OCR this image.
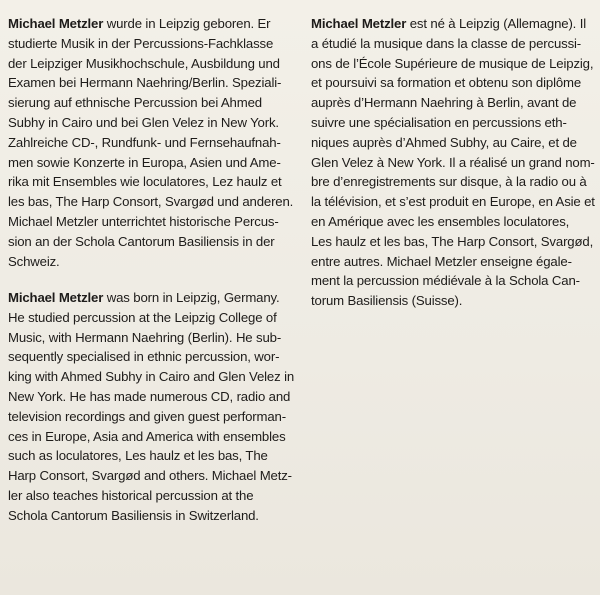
Michael Metzler wurde in Leipzig geboren. Er
studierte Musik in der Percussions-Fachklasse
der Leipziger Musikhochschule, Ausbildung und
Examen bei Hermann Naehring/Berlin. Speziali-
sierung auf ethnische Percussion bei Ahmed
Subhy in Cairo und bei Glen Velez in New York.
Zahlreiche CD-, Rundfunk- und Fernsehaufnah-
men sowie Konzerte in Europa, Asien und Ame-
rika mit Ensembles wie loculatores, Lez haulz et
les bas, The Harp Consort, Svargød und anderen.
Michael Metzler unterrichtet historische Percus-
sion an der Schola Cantorum Basiliensis in der
Schweiz.
Michael Metzler was born in Leipzig, Germany.
He studied percussion at the Leipzig College of
Music, with Hermann Naehring (Berlin). He sub-
sequently specialised in ethnic percussion, wor-
king with Ahmed Subhy in Cairo and Glen Velez in
New York. He has made numerous CD, radio and
television recordings and given guest performan-
ces in Europe, Asia and America with ensembles
such as loculatores, Les haulz et les bas, The
Harp Consort, Svargød and others. Michael Metz-
ler also teaches historical percussion at the
Schola Cantorum Basiliensis in Switzerland.
Michael Metzler est né à Leipzig (Allemagne). Il
a étudié la musique dans la classe de percussi-
ons de l’École Supérieure de musique de Leipzig,
et poursuivi sa formation et obtenu son diplôme
auprès d’Hermann Naehring à Berlin, avant de
suivre une spécialisation en percussions eth-
niques auprès d’Ahmed Subhy, au Caire, et de
Glen Velez à New York. Il a réalisé un grand nom-
bre d’enregistrements sur disque, à la radio ou à
la télévision, et s’est produit en Europe, en Asie et
en Amérique avec les ensembles loculatores,
Les haulz et les bas, The Harp Consort, Svargød,
entre autres. Michael Metzler enseigne égale-
ment la percussion médiévale à la Schola Can-
torum Basiliensis (Suisse).
